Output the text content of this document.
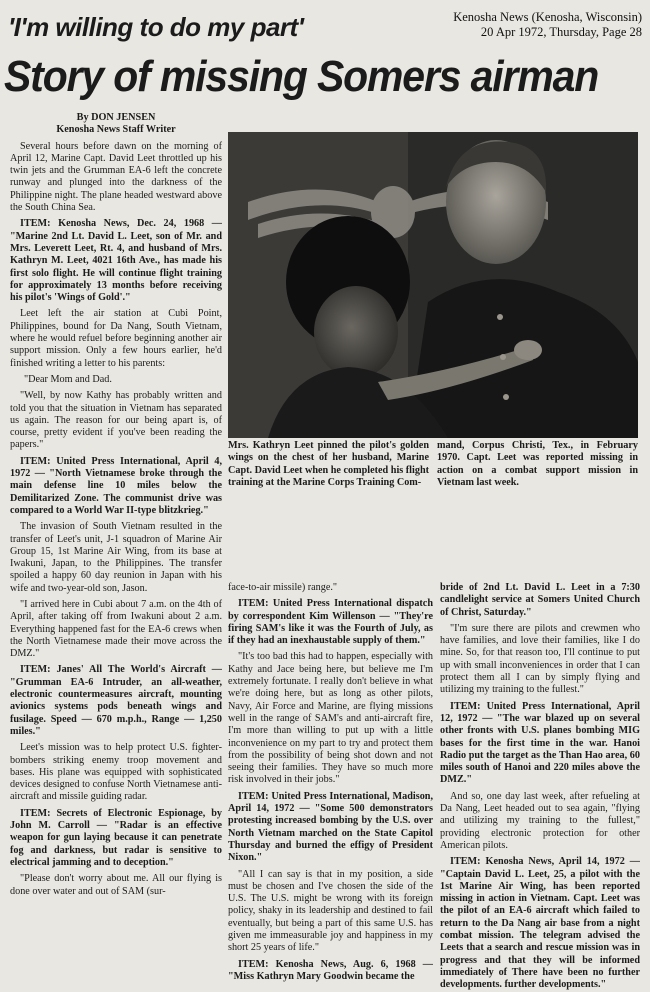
'I'm willing to do my part'	Kenosha News (Kenosha, Wisconsin)
20 Apr 1972, Thursday, Page 28
Story of missing Somers airman

By DON JENSEN

Kenosha News Staff Writer

Several hours before dawn on the morning of April 12, Marine Capt. David Leet throttled up his twin jets and the Grumman EA-6 left the concrete runway and plunged into the darkness of the Philippine night. The plane headed westward above the South China Sea.

ITEM: Kenosha News, Dec. 24, 1968 — "Marine 2nd Lt. David L. Leet, son of Mr. and Mrs. Leverett Leet, Rt. 4, and husband of Mrs. Kathryn M. Leet, 4021 16th Ave., has made his first solo flight. He will continue flight training for approximately 13 months before receiving his pilot's 'Wings of Gold'."

Leet left the air station at Cubi Point, Philippines, bound for Da Nang, South Vietnam, where he would refuel before beginning another air support mission. Only a few hours earlier, he'd finished writing a letter to his parents:

"Dear Mom and Dad.

"Well, by now Kathy has probably written and told you that the situation in Vietnam has separated us again. The reason for our being apart is, of course, pretty evident if you've been reading the papers."

ITEM: United Press International, April 4, 1972 — "North Vietnamese broke through the main defense line 10 miles below the Demilitarized Zone. The communist drive was compared to a World War II-type blitzkrieg."

The invasion of South Vietnam resulted in the transfer of Leet's unit, J-1 squadron of Marine Air Group 15, 1st Marine Air Wing, from its base at Iwakuni, Japan, to the Philippines. The transfer spoiled a happy 60 day reunion in Japan with his wife and two-year-old son, Jason.

"I arrived here in Cubi about 7 a.m. on the 4th of April, after taking off from Iwakuni about 2 a.m. Everything happened fast for the EA-6 crews when the North Vietnamese made their move across the DMZ."

ITEM: Janes' All The World's Aircraft — "Grumman EA-6 Intruder, an all-weather, electronic countermeasures aircraft, mounting avionics systems pods beneath wings and fusilage. Speed — 670 m.p.h., Range — 1,250 miles."

Leet's mission was to help protect U.S. fighter-bombers striking enemy troop movement and bases. His plane was equipped with sophisticated devices designed to confuse North Vietnamese anti-aircraft and missile guiding radar.

ITEM: Secrets of Electronic Espionage, by John M. Carroll — "Radar is an effective weapon for gun laying because it can penetrate fog and darkness, but radar is sensitive to electrical jamming and to deception."

"Please don't worry about me. All our flying is done over water and out of SAM (sur-

Mrs. Kathryn Leet pinned the pilot's golden wings on the chest of her husband, Marine Capt. David Leet when he completed his flight training at the Marine Corps Training Com-
mand, Corpus Christi, Tex., in February 1970. Capt. Leet was reported missing in action on a combat support mission in Vietnam last week.

face-to-air missile) range."

ITEM: United Press International dispatch by correspondent Kim Willenson — "They're firing SAM's like it was the Fourth of July, as if they had an inexhaustable supply of them."

"It's too bad this had to happen, especially with Kathy and Jace being here, but believe me I'm extremely fortunate. I really don't believe in what we're doing here, but as long as other pilots, Navy, Air Force and Marine, are flying missions well in the range of SAM's and anti-aircraft fire, I'm more than willing to put up with a little inconvenience on my part to try and protect them from the possibility of being shot down and not seeing their families. They have so much more risk involved in their jobs."

ITEM: United Press International, Madison, April 14, 1972 — "Some 500 demonstrators protesting increased bombing by the U.S. over North Vietnam marched on the State Capitol Thursday and burned the effigy of President Nixon."

"All I can say is that in my position, a side must be chosen and I've chosen the side of the U.S. The U.S. might be wrong with its foreign policy, shaky in its leadership and destined to fail eventually, but being a part of this same U.S. has given me immeasurable joy and happiness in my short 25 years of life."

ITEM: Kenosha News, Aug. 6, 1968 — "Miss Kathryn Mary Goodwin became the

bride of 2nd Lt. David L. Leet in a 7:30 candlelight service at Somers United Church of Christ, Saturday."

"I'm sure there are pilots and crewmen who have families, and love their families, like I do mine. So, for that reason too, I'll continue to put up with small inconveniences in order that I can protect them all I can by simply flying and utilizing my training to the fullest."

ITEM: United Press International, April 12, 1972 — "The war blazed up on several other fronts with U.S. planes bombing MIG bases for the first time in the war. Hanoi Radio put the target as the Than Hao area, 60 miles south of Hanoi and 220 miles above the DMZ."

And so, one day last week, after refueling at Da Nang, Leet headed out to sea again, "flying and utilizing my training to the fullest," providing electronic protection for other American pilots.

ITEM: Kenosha News, April 14, 1972 — "Captain David L. Leet, 25, a pilot with the 1st Marine Air Wing, has been reported missing in action in Vietnam. Capt. Leet was the pilot of an EA-6 aircraft which failed to return to the Da Nang air base from a night combat mission. The telegram advised the Leets that a search and rescue mission was in progress and that they will be informed immediately of There have been no further developments. further developments."
